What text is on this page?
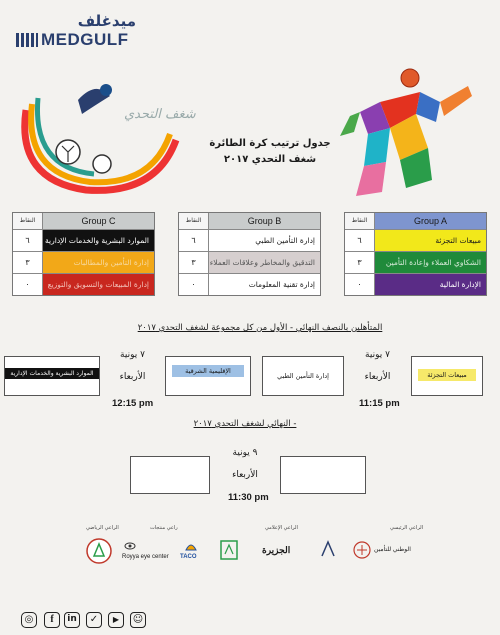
ميدغلف
MEDGULF
شغف التحدي
جدول ترتيب كرة الطائرة
شغف التحدي ٢٠١٧
النقاط	Group A
٦	مبيعات التجزئة
٣	الشكاوي العملاء وإعادة التأمين
٠	الإدارة المالية
النقاط	Group B
٦	إدارة التأمين الطبي
٣	التدقيق والمخاطر وعلاقات العملاء
٠	إدارة تقنية المعلومات
النقاط	Group C
٦	الموارد البشرية والخدمات الإدارية
٣	إدارة التأمين والمطالبات
٠	إدارة المبيعات والتسويق والتوزيع
المتأهلين بالنصف النهائي - الأول من كل مجموعة لشغف التحدي ٢٠١٧
مبيعات التجزئة
٧ يونية
الأربعاء
إدارة التأمين الطبي
11:15 pm
الإقليمية الشرقية
٧ يونية
الأربعاء
الموارد البشرية والخدمات الإدارية
12:15 pm
- النهائي لشغف التحدي ٢٠١٧
٩ يونية
الأربعاء
11:30 pm
الراعي الرئيسي
الراعي الإعلامي
راعي منتجات
الراعي الرياضي
Royya eye center TACO
الجزيرة	الوطني للتأمين
◎	f	in	✓	▶	☺
